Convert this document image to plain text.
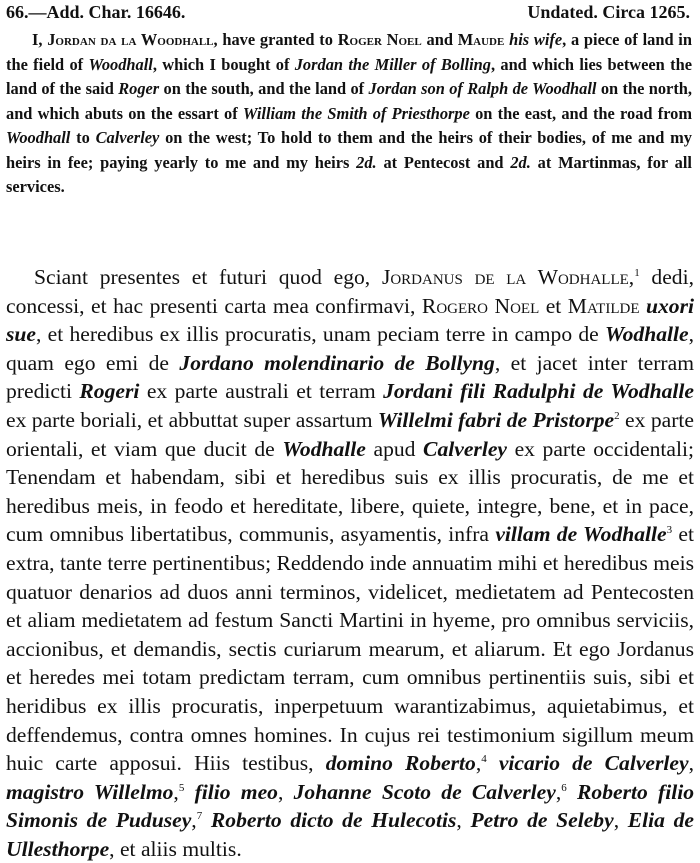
66.—Add. Char. 16646.	Undated. Circa 1265.

I, Jordan da la Woodhall, have granted to Roger Noel and Maude his wife, a piece of land in the field of Woodhall, which I bought of Jordan the Miller of Bolling, and which lies between the land of the said Roger on the south, and the land of Jordan son of Ralph de Woodhall on the north, and which abuts on the essart of William the Smith of Priesthorpe on the east, and the road from Woodhall to Calverley on the west; To hold to them and the heirs of their bodies, of me and my heirs in fee; paying yearly to me and my heirs 2d. at Pentecost and 2d. at Martinmas, for all services.

Sciant presentes et futuri quod ego, Jordanus de la Wodhalle,$^1$ dedi, concessi, et hac presenti carta mea confirmavi, Rogero Noel et Matilde uxori sue, et heredibus ex illis procuratis, unam peciam terre in campo de Wodhalle, quam ego emi de Jordano molendinario de Bollyng, et jacet inter terram predicti Rogeri ex parte australi et terram Jordani fili Radulphi de Wodhalle ex parte boriali, et abbuttat super assartum Willelmi fabri de Pristorpe$^2$ ex parte orientali, et viam que ducit de Wodhalle apud Calverley ex parte occidentali; Tenendam et habendam, sibi et heredibus suis ex illis procuratis, de me et heredibus meis, in feodo et hereditate, libere, quiete, integre, bene, et in pace, cum omnibus libertatibus, communis, asyamentis, infra villam de Wodhalle$^3$ et extra, tante terre pertinentibus; Reddendo inde annuatim mihi et heredibus meis quatuor denarios ad duos anni terminos, videlicet, medietatem ad Pentecosten et aliam medietatem ad festum Sancti Martini in hyeme, pro omnibus serviciis, accionibus, et demandis, sectis curiarum mearum, et aliarum. Et ego Jordanus et heredes mei totam predictam terram, cum omnibus pertinentiis suis, sibi et heridibus ex illis procuratis, inperpetuum warantizabimus, aquietabimus, et deffendemus, contra omnes homines. In cujus rei testimonium sigillum meum huic carte apposui. Hiis testibus, domino Roberto,$^4$ vicario de Calverley, magistro Willelmo,$^5$ filio meo, Johanne Scoto de Calverley,$^6$ Roberto filio Simonis de Pudusey,$^7$ Roberto dicto de Hulecotis, Petro de Seleby, Elia de Ullesthorpe, et aliis multis.
